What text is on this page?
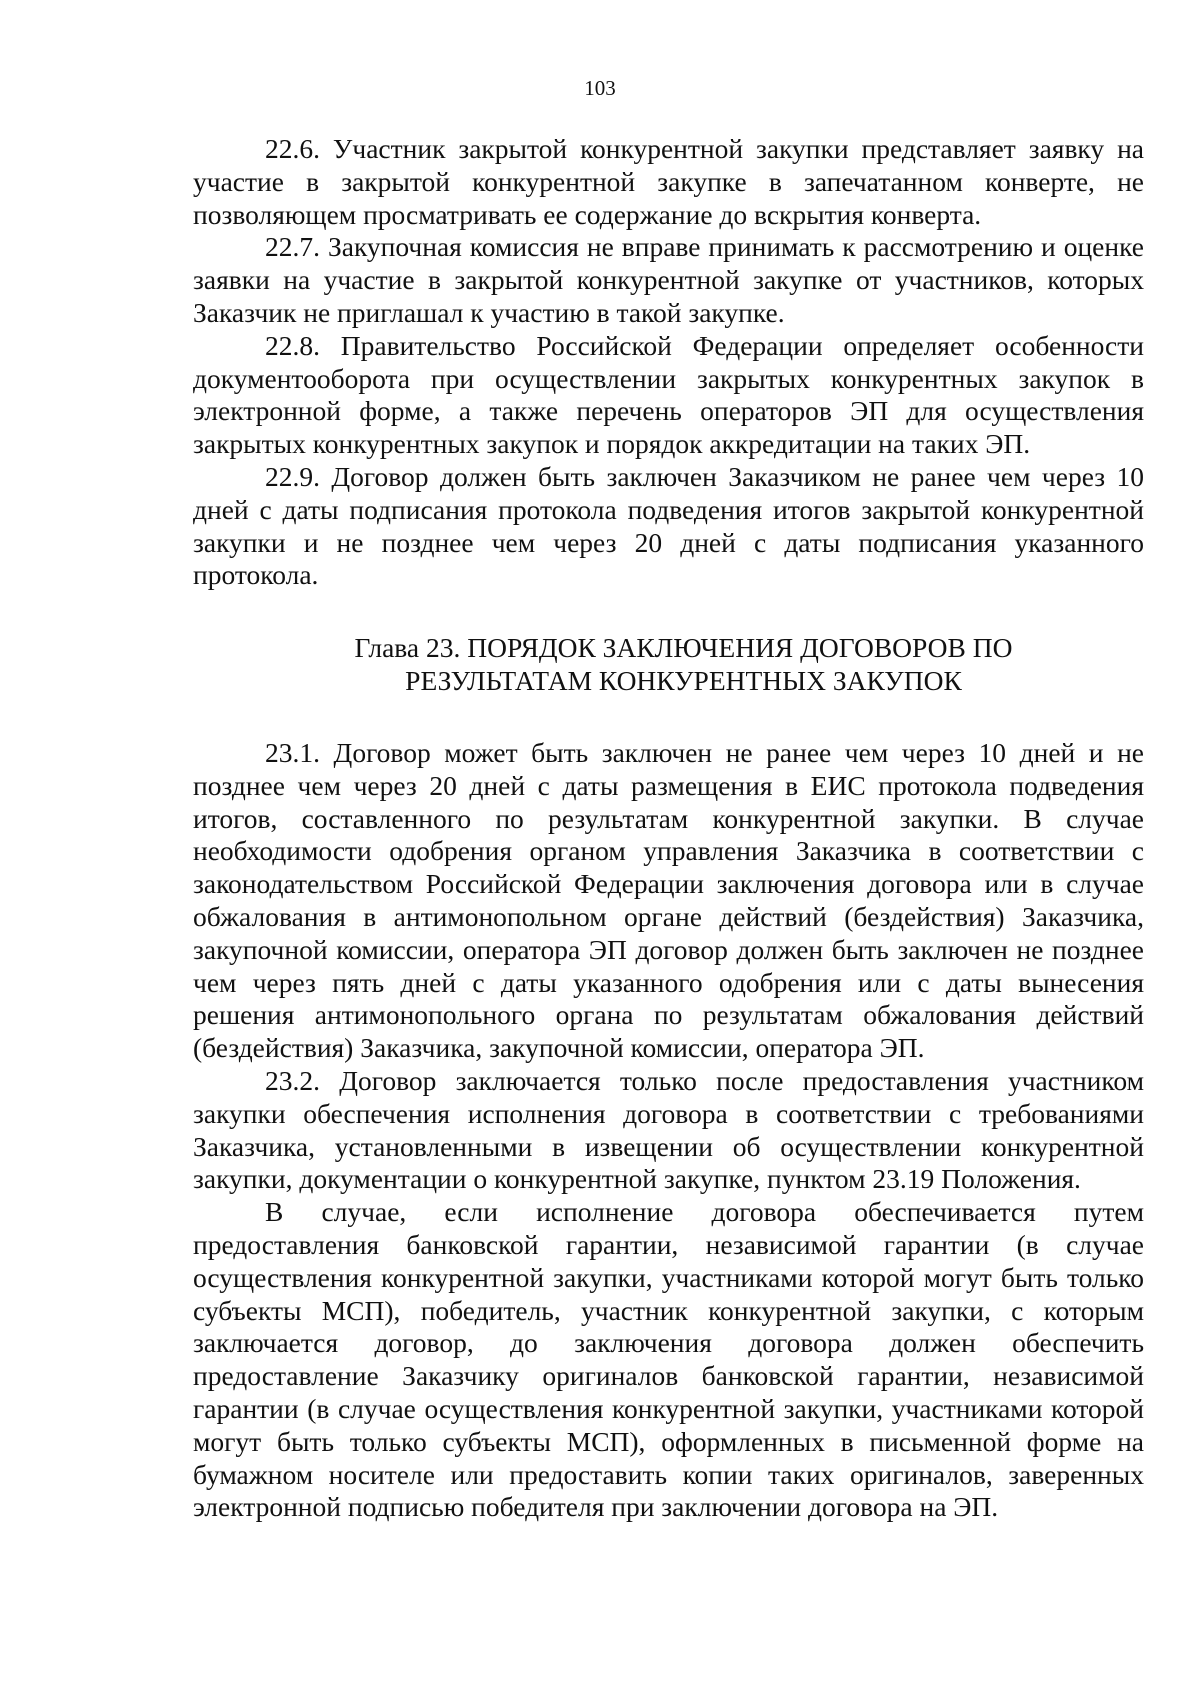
103

22.6. Участник закрытой конкурентной закупки представляет заявку на участие в закрытой конкурентной закупке в запечатанном конверте, не позволяющем просматривать ее содержание до вскрытия конверта.

22.7. Закупочная комиссия не вправе принимать к рассмотрению и оценке заявки на участие в закрытой конкурентной закупке от участников, которых Заказчик не приглашал к участию в такой закупке.

22.8. Правительство Российской Федерации определяет особенности документооборота при осуществлении закрытых конкурентных закупок в электронной форме, а также перечень операторов ЭП для осуществления закрытых конкурентных закупок и порядок аккредитации на таких ЭП.

22.9. Договор должен быть заключен Заказчиком не ранее чем через 10 дней с даты подписания протокола подведения итогов закрытой конкурентной закупки и не позднее чем через 20 дней с даты подписания указанного протокола.

Глава 23. ПОРЯДОК ЗАКЛЮЧЕНИЯ ДОГОВОРОВ ПО
РЕЗУЛЬТАТАМ КОНКУРЕНТНЫХ ЗАКУПОК

23.1. Договор может быть заключен не ранее чем через 10 дней и не позднее чем через 20 дней с даты размещения в ЕИС протокола подведения итогов, составленного по результатам конкурентной закупки. В случае необходимости одобрения органом управления Заказчика в соответствии с законодательством Российской Федерации заключения договора или в случае обжалования в антимонопольном органе действий (бездействия) Заказчика, закупочной комиссии, оператора ЭП договор должен быть заключен не позднее чем через пять дней с даты указанного одобрения или с даты вынесения решения антимонопольного органа по результатам обжалования действий (бездействия) Заказчика, закупочной комиссии, оператора ЭП.

23.2. Договор заключается только после предоставления участником закупки обеспечения исполнения договора в соответствии с требованиями Заказчика, установленными в извещении об осуществлении конкурентной закупки, документации о конкурентной закупке, пунктом 23.19 Положения.

В случае, если исполнение договора обеспечивается путем предоставления банковской гарантии, независимой гарантии (в случае осуществления конкурентной закупки, участниками которой могут быть только субъекты МСП), победитель, участник конкурентной закупки, с которым заключается договор, до заключения договора должен обеспечить предоставление Заказчику оригиналов банковской гарантии, независимой гарантии (в случае осуществления конкурентной закупки, участниками которой могут быть только субъекты МСП), оформленных в письменной форме на бумажном носителе или предоставить копии таких оригиналов, заверенных электронной подписью победителя при заключении договора на ЭП.
